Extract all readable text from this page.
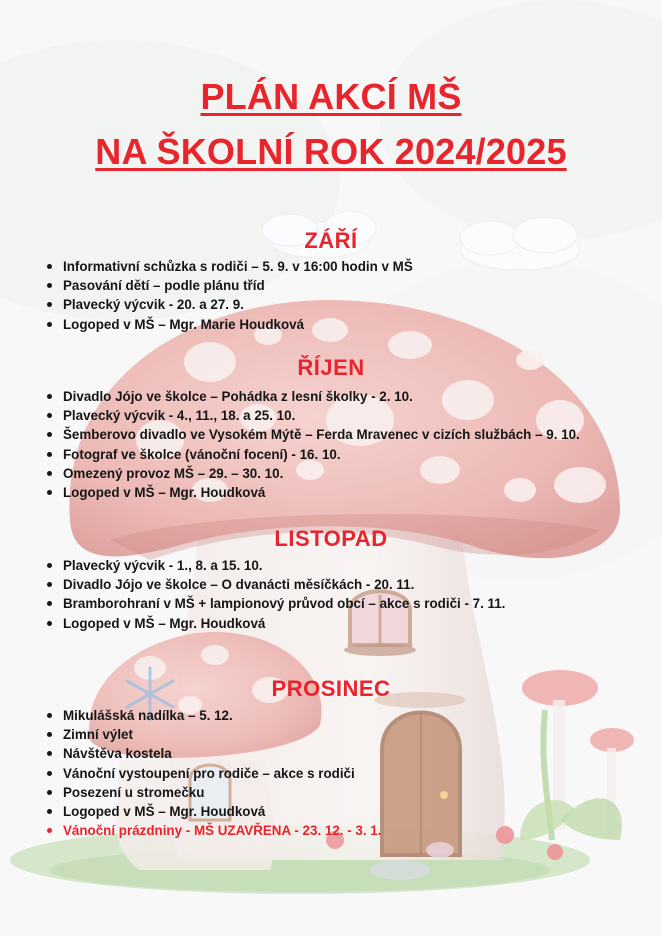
PLÁN AKCÍ MŠ
NA ŠKOLNÍ ROK 2024/2025
ZÁŘÍ
Informativní schůzka s rodiči – 5. 9. v 16:00 hodin v MŠ
Pasování dětí – podle plánu tříd
Plavecký výcvik - 20. a 27. 9.
Logoped v MŠ – Mgr. Marie Houdková
ŘÍJEN
Divadlo Jójo ve školce – Pohádka z lesní školky - 2. 10.
Plavecký výcvik - 4., 11., 18. a 25. 10.
Šemberovo divadlo ve Vysokém Mýtě – Ferda Mravenec v cizích službách – 9. 10.
Fotograf ve školce (vánoční focení) - 16. 10.
Omezený provoz MŠ – 29. – 30. 10.
Logoped v MŠ – Mgr. Houdková
LISTOPAD
Plavecký výcvik - 1., 8. a 15. 10.
Divadlo Jójo ve školce – O dvanácti měsíčkách - 20. 11.
Bramborohraní v MŠ + lampionový průvod obcí – akce s rodiči - 7. 11.
Logoped v MŠ – Mgr. Houdková
PROSINEC
Mikulášská nadílka – 5. 12.
Zimní výlet
Návštěva kostela
Vánoční vystoupení pro rodiče – akce s rodiči
Posezení u stromečku
Logoped v MŠ – Mgr. Houdková
Vánoční prázdniny - MŠ UZAVŘENA - 23. 12. - 3. 1.
